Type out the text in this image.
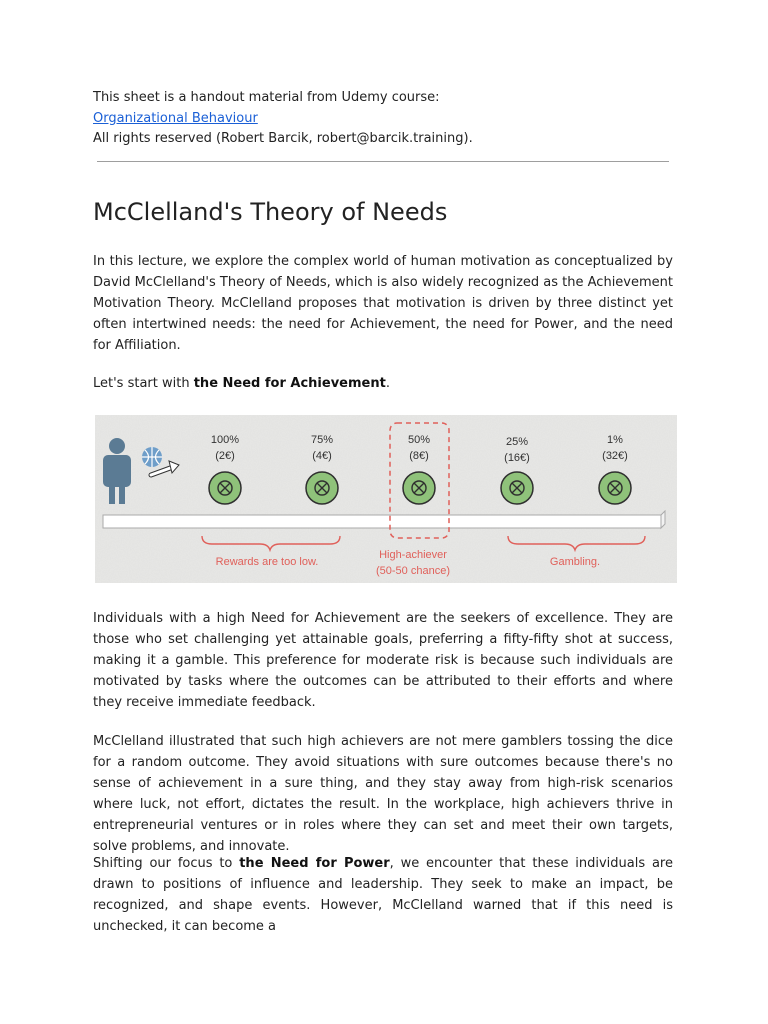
This sheet is a handout material from Udemy course:

Organizational Behaviour

All rights reserved (Robert Barcik, robert@barcik.training).

McClelland's Theory of Needs

In this lecture, we explore the complex world of human motivation as conceptualized by David McClelland's Theory of Needs, which is also widely recognized as the Achievement Motivation Theory. McClelland proposes that motivation is driven by three distinct yet often intertwined needs: the need for Achievement, the need for Power, and the need for Affiliation.

Let's start with the Need for Achievement.

Individuals with a high Need for Achievement are the seekers of excellence. They are those who set challenging yet attainable goals, preferring a fifty-fifty shot at success, making it a gamble. This preference for moderate risk is because such individuals are motivated by tasks where the outcomes can be attributed to their efforts and where they receive immediate feedback.

McClelland illustrated that such high achievers are not mere gamblers tossing the dice for a random outcome. They avoid situations with sure outcomes because there's no sense of achievement in a sure thing, and they stay away from high-risk scenarios where luck, not effort, dictates the result. In the workplace, high achievers thrive in entrepreneurial ventures or in roles where they can set and meet their own targets, solve problems, and innovate.

Shifting our focus to the Need for Power, we encounter that these individuals are drawn to positions of influence and leadership. They seek to make an impact, be recognized, and shape events. However, McClelland warned that if this need is unchecked, it can become a

100%
(2€)
75%
(4€)
50%
(8€)
25%
(16€)
1%
(32€)
Rewards are too low.
High-achiever
(50-50 chance)
Gambling.
